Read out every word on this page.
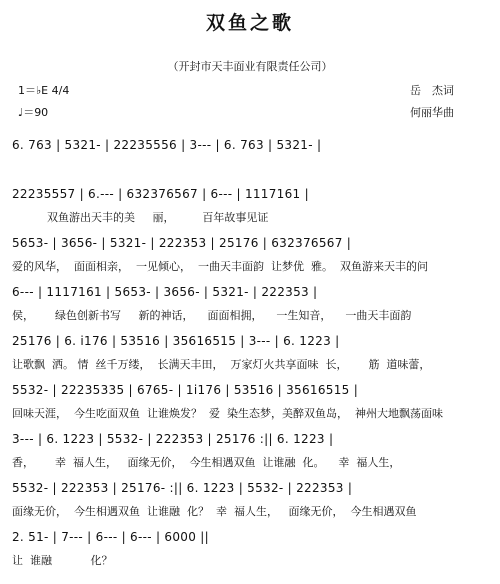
双鱼之歌
（开封市天丰面业有限责任公司）
1＝♭E 4/4
♩＝90
岳　杰词
何丽华曲
6. 763 | 5321- | 22235556 | 3--- | 6. 763 | 5321- |
22235557 | 6.--- | 632376567 | 6--- | 1117161 |
双鱼游出天丰的美     丽，        百年故事见证
5653- | 3656- | 5321- | 222353 | 25176 | 632376567 |
爱的风华，  面面相亲，  一见倾心，  一曲天丰面韵  让梦优  雅。  双鱼游来天丰的问
6--- | 1117161 | 5653- | 3656- | 5321- | 222353 |
侯，      绿色创新书写     新的神话，    面面相拥，    一生知音，    一曲天丰面韵
25176 | 6. i176 | 53516 | 35616515 | 3--- | 6. 1223 |
让歌飘  洒。 情  丝千万缕，  长满天丰田，  万家灯火共享面味  长，      筋  道味蕾，
5532- | 22235335 | 6765- | 1i176 | 53516 | 35616515 |
回味天涯，  今生吃面双鱼  让谁焕发？  爱  染生态梦，美醉双鱼岛，  神州大地飘荡面味
3--- | 6. 1223 | 5532- | 222353 | 25176 :|| 6. 1223 |
香，      幸  福人生，   面缘无价，  今生相遇双鱼  让谁融  化。    幸  福人生，
5532- | 222353 | 25176- :|| 6. 1223 | 5532- | 222353 |
面缘无价，  今生相遇双鱼  让谁融  化？  幸  福人生，   面缘无价，  今生相遇双鱼
2. 51- | 7--- | 6--- | 6--- | 6000 ||
让  谁融           化？
